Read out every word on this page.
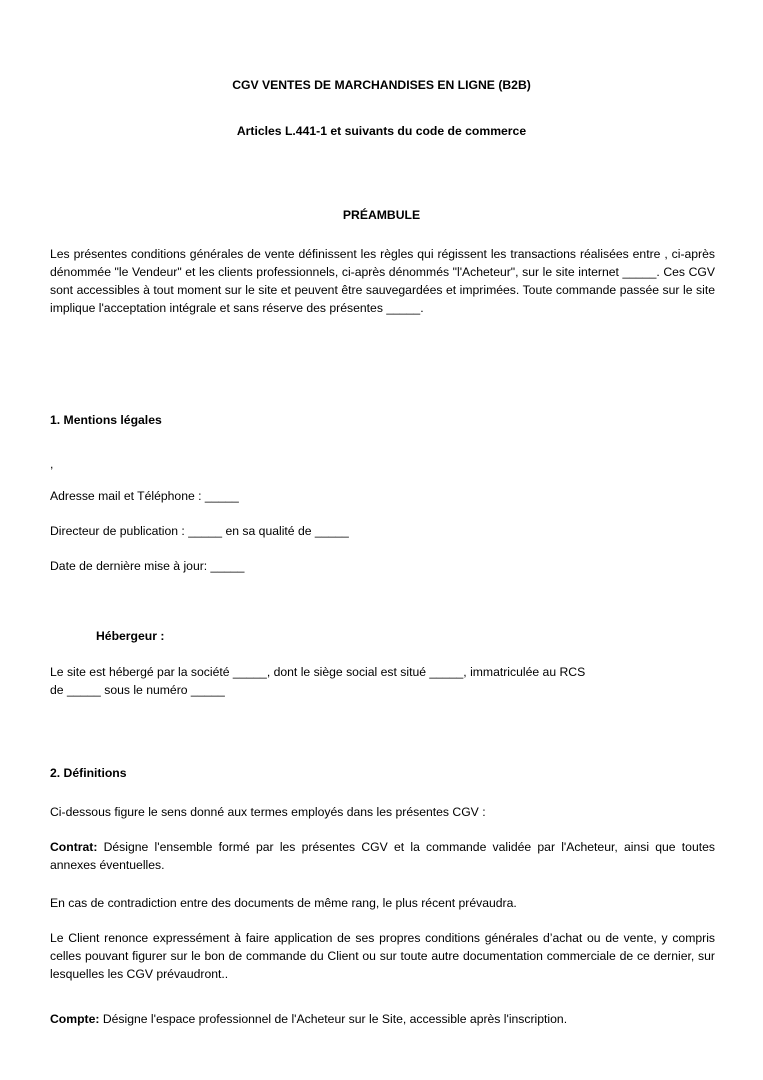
CGV VENTES DE MARCHANDISES EN LIGNE (B2B)
Articles L.441-1 et suivants du code de commerce
PRÉAMBULE

Les présentes conditions générales de vente définissent les règles qui régissent les transactions réalisées entre , ci-après dénommée "le Vendeur" et les clients professionnels, ci-après dénommés "l'Acheteur", sur le site internet _____. Ces CGV sont accessibles à tout moment sur le site et peuvent être sauvegardées et imprimées. Toute commande passée sur le site implique l'acceptation intégrale et sans réserve des présentes _____.

1. Mentions légales
,
Adresse mail et Téléphone : _____
Directeur de publication : _____ en sa qualité de _____
Date de dernière mise à jour: _____
Hébergeur :
Le site est hébergé par la société _____, dont le siège social est situé _____, immatriculée au RCS
de _____ sous le numéro _____
2. Définitions
Ci-dessous figure le sens donné aux termes employés dans les présentes CGV :

Contrat: Désigne l'ensemble formé par les présentes CGV et la commande validée par l'Acheteur, ainsi que toutes annexes éventuelles.

En cas de contradiction entre des documents de même rang, le plus récent prévaudra.

Le Client renonce expressément à faire application de ses propres conditions générales d’achat ou de vente, y compris celles pouvant figurer sur le bon de commande du Client ou sur toute autre documentation commerciale de ce dernier, sur lesquelles les CGV prévaudront..

Compte: Désigne l'espace professionnel de l'Acheteur sur le Site, accessible après l'inscription.
